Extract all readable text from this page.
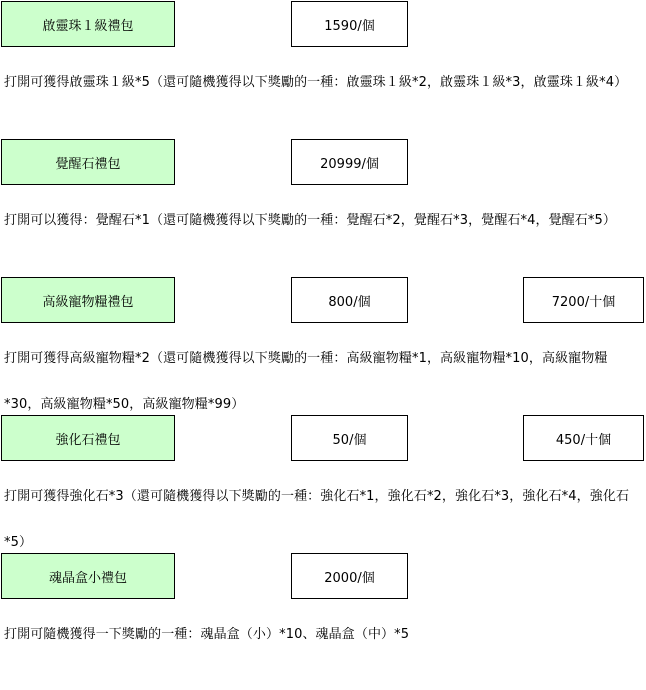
啟靈珠１級禮包	1590/個
打開可獲得啟靈珠１級*5（還可隨機獲得以下獎勵的一種：啟靈珠１級*2，啟靈珠１級*3，啟靈珠１級*4）
覺醒石禮包	20999/個
打開可以獲得：覺醒石*1（還可隨機獲得以下獎勵的一種：覺醒石*2，覺醒石*3，覺醒石*4，覺醒石*5）
高級寵物糧禮包	800/個	7200/十個
打開可獲得高級寵物糧*2（還可隨機獲得以下獎勵的一種：高級寵物糧*1，高級寵物糧*10，高級寵物糧*30，高級寵物糧*50，高級寵物糧*99）
強化石禮包	50/個	450/十個
打開可獲得強化石*3（還可隨機獲得以下獎勵的一種：強化石*1，強化石*2，強化石*3，強化石*4，強化石*5）
魂晶盒小禮包	2000/個
打開可隨機獲得一下獎勵的一種：魂晶盒（小）*10、魂晶盒（中）*5
